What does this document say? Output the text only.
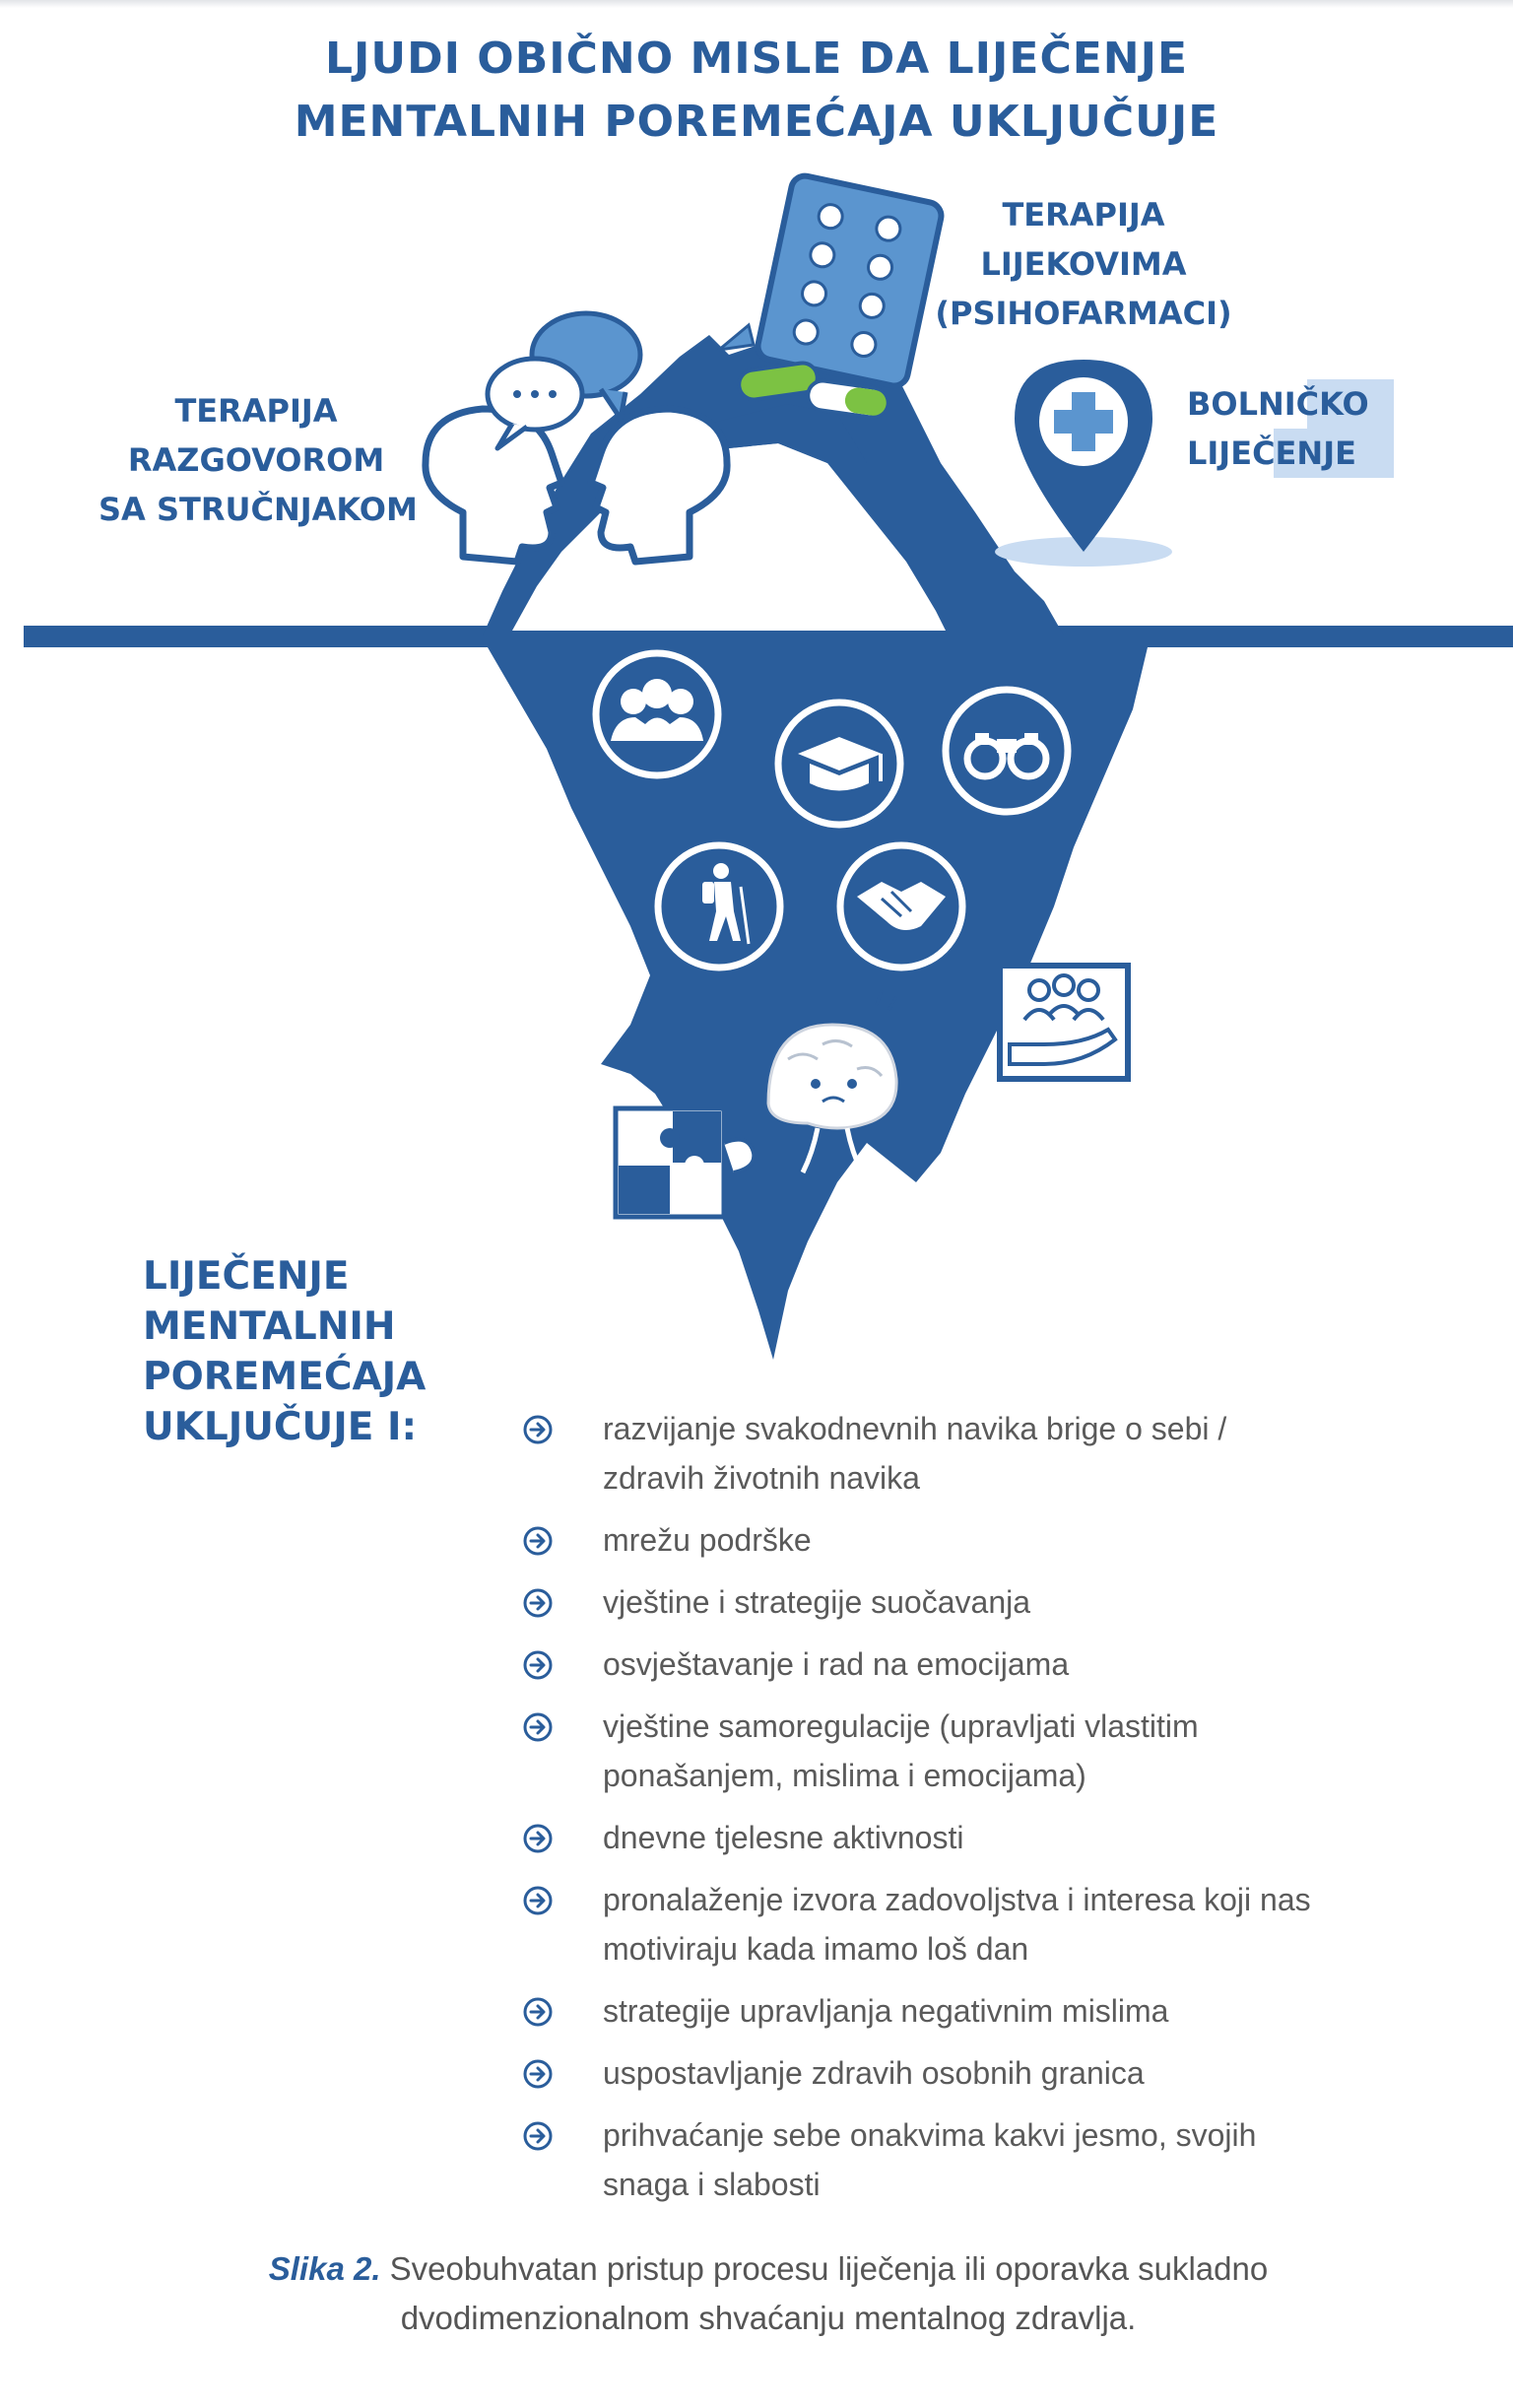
LJUDI OBIČNO MISLE DA LIJEČENJE
MENTALNIH POREMEĆAJA UKLJUČUJE
TERAPIJA
RAZGOVOROM
SA STRUČNJAKOM
TERAPIJA
LIJEKOVIMA
(PSIHOFARMACI)
BOLNIČKO
LIJEČENJE
LIJEČENJE
MENTALNIH
POREMEĆAJA
UKLJUČUJE I:	razvijanje svakodnevnih navika brige o sebi / zdravih životnih navika
mrežu podrške
vještine i strategije suočavanja
osvještavanje i rad na emocijama
vještine samoregulacije (upravljati vlastitim ponašanjem, mislima i emocijama)
dnevne tjelesne aktivnosti
pronalaženje izvora zadovoljstva i interesa koji nas motiviraju kada imamo loš dan
strategije upravljanja negativnim mislima
uspostavljanje zdravih osobnih granica
prihvaćanje sebe onakvima kakvi jesmo, svojih snaga i slabosti
Slika 2. Sveobuhvatan pristup procesu liječenja ili oporavka sukladno dvodimenzionalnom shvaćanju mentalnog zdravlja.
